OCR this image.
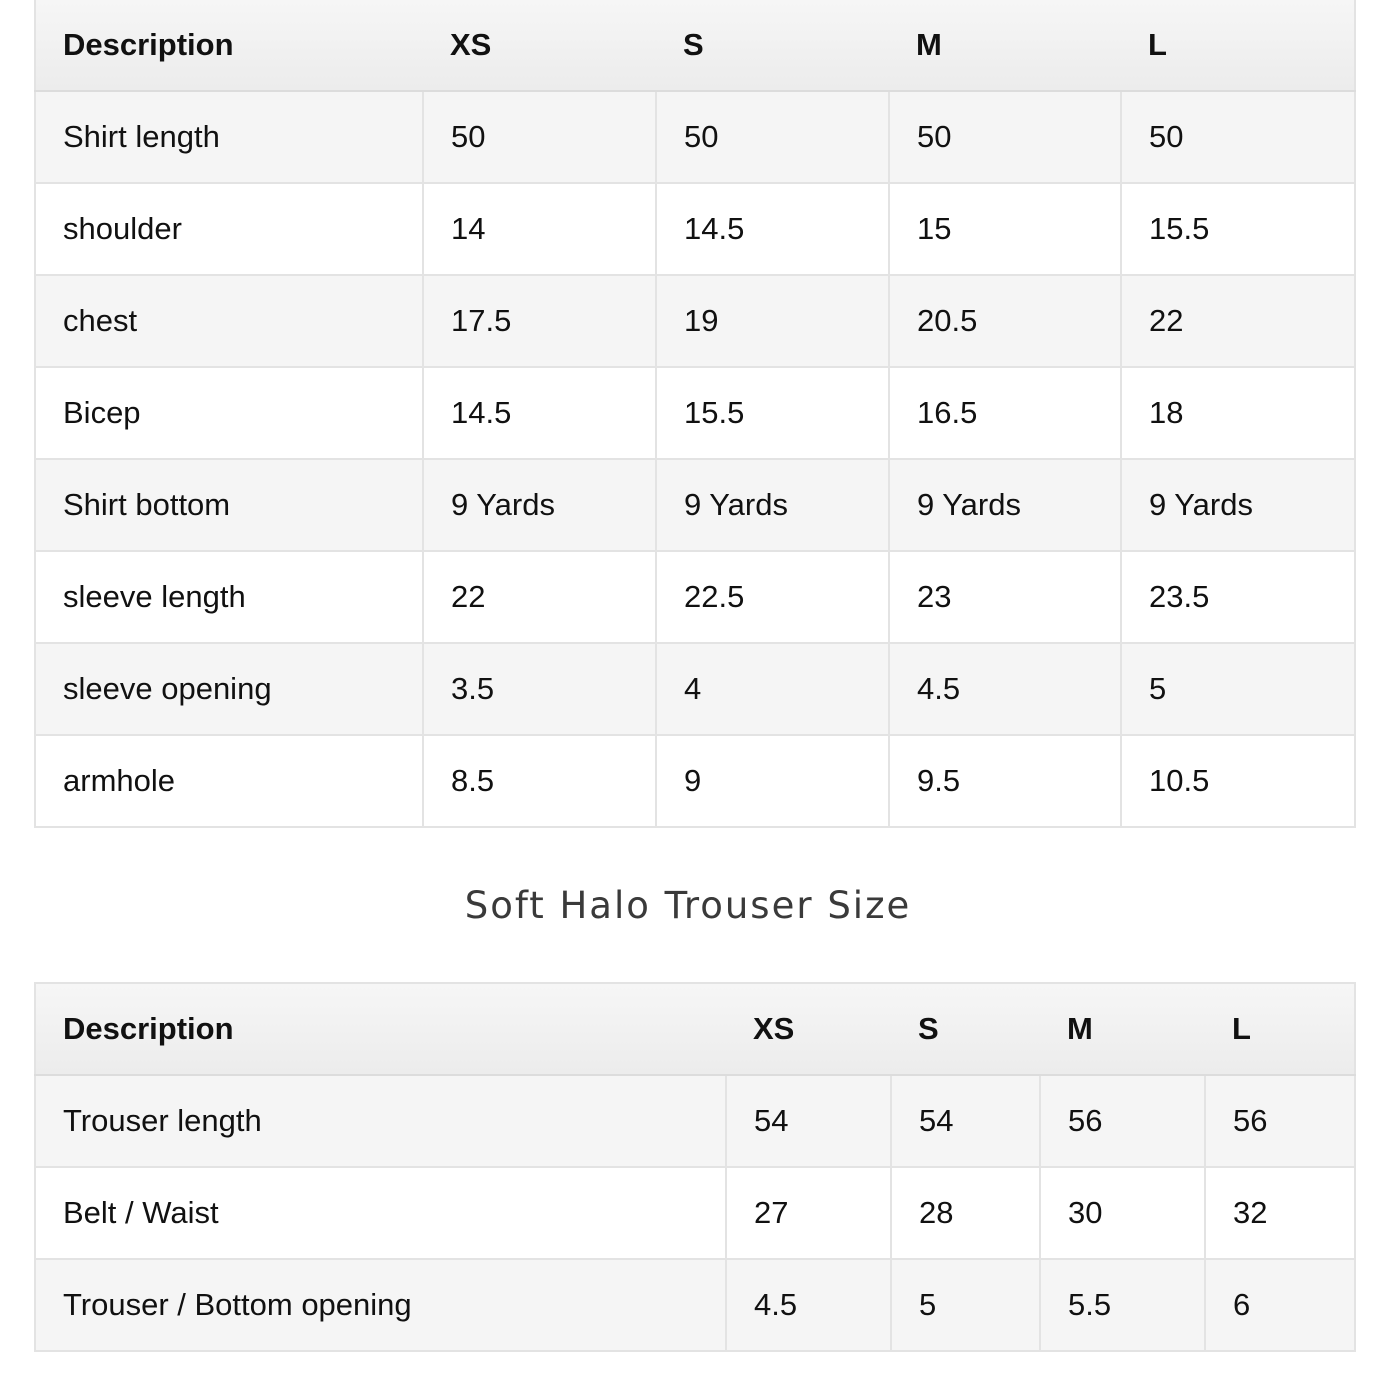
Description	XS	S	M	L
Shirt length	50	50	50	50
shoulder	14	14.5	15	15.5
chest	17.5	19	20.5	22
Bicep	14.5	15.5	16.5	18
Shirt bottom	9 Yards	9 Yards	9 Yards	9 Yards
sleeve length	22	22.5	23	23.5
sleeve opening	3.5	4	4.5	5
armhole	8.5	9	9.5	10.5
Soft Halo Trouser Size
Description	XS	S	M	L
Trouser length	54	54	56	56
Belt / Waist	27	28	30	32
Trouser / Bottom opening	4.5	5	5.5	6
